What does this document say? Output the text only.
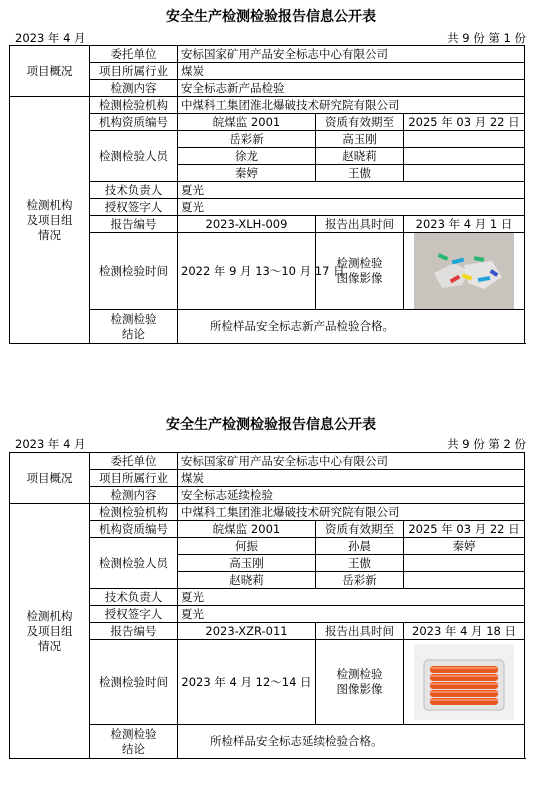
安全生产检测检验报告信息公开表
2023 年 4 月	共 9 份 第 1 份
项目概况	委托单位	安标国家矿用产品安全标志中心有限公司		
	项目所属行业	煤炭		
	检测内容	安全标志新产品检验		
检测机构
及项目组
情况	检测检验机构	中煤科工集团淮北爆破技术研究院有限公司		
	机构资质编号	皖煤监 2001	资质有效期至	2025 年 03 月 22 日
	检测检验人员	岳彩新	高玉刚	
		徐龙	赵晓莉	
		秦婷	王傲	
	技术负责人	夏光		
	授权签字人	夏光		
	报告编号	2023-XLH-009	报告出具时间	2023 年 4 月 1 日
	检测检验时间	2022 年 9 月 13～10 月 17 日	检测检验
图像影像	

	检测检验
结论	所检样品安全标志新产品检验合格。		
安全生产检测检验报告信息公开表
2023 年 4 月	共 9 份 第 2 份
项目概况	委托单位	安标国家矿用产品安全标志中心有限公司		
	项目所属行业	煤炭		
	检测内容	安全标志延续检验		
检测机构
及项目组
情况	检测检验机构	中煤科工集团淮北爆破技术研究院有限公司		
	机构资质编号	皖煤监 2001	资质有效期至	2025 年 03 月 22 日
	检测检验人员	何振	孙晨	秦婷
		高玉刚	王傲	
		赵晓莉	岳彩新	
	技术负责人	夏光		
	授权签字人	夏光		
	报告编号	2023-XZR-011	报告出具时间	2023 年 4 月 18 日
	检测检验时间	2023 年 4 月 12～14 日	检测检验
图像影像	

	检测检验
结论	所检样品安全标志延续检验合格。		
